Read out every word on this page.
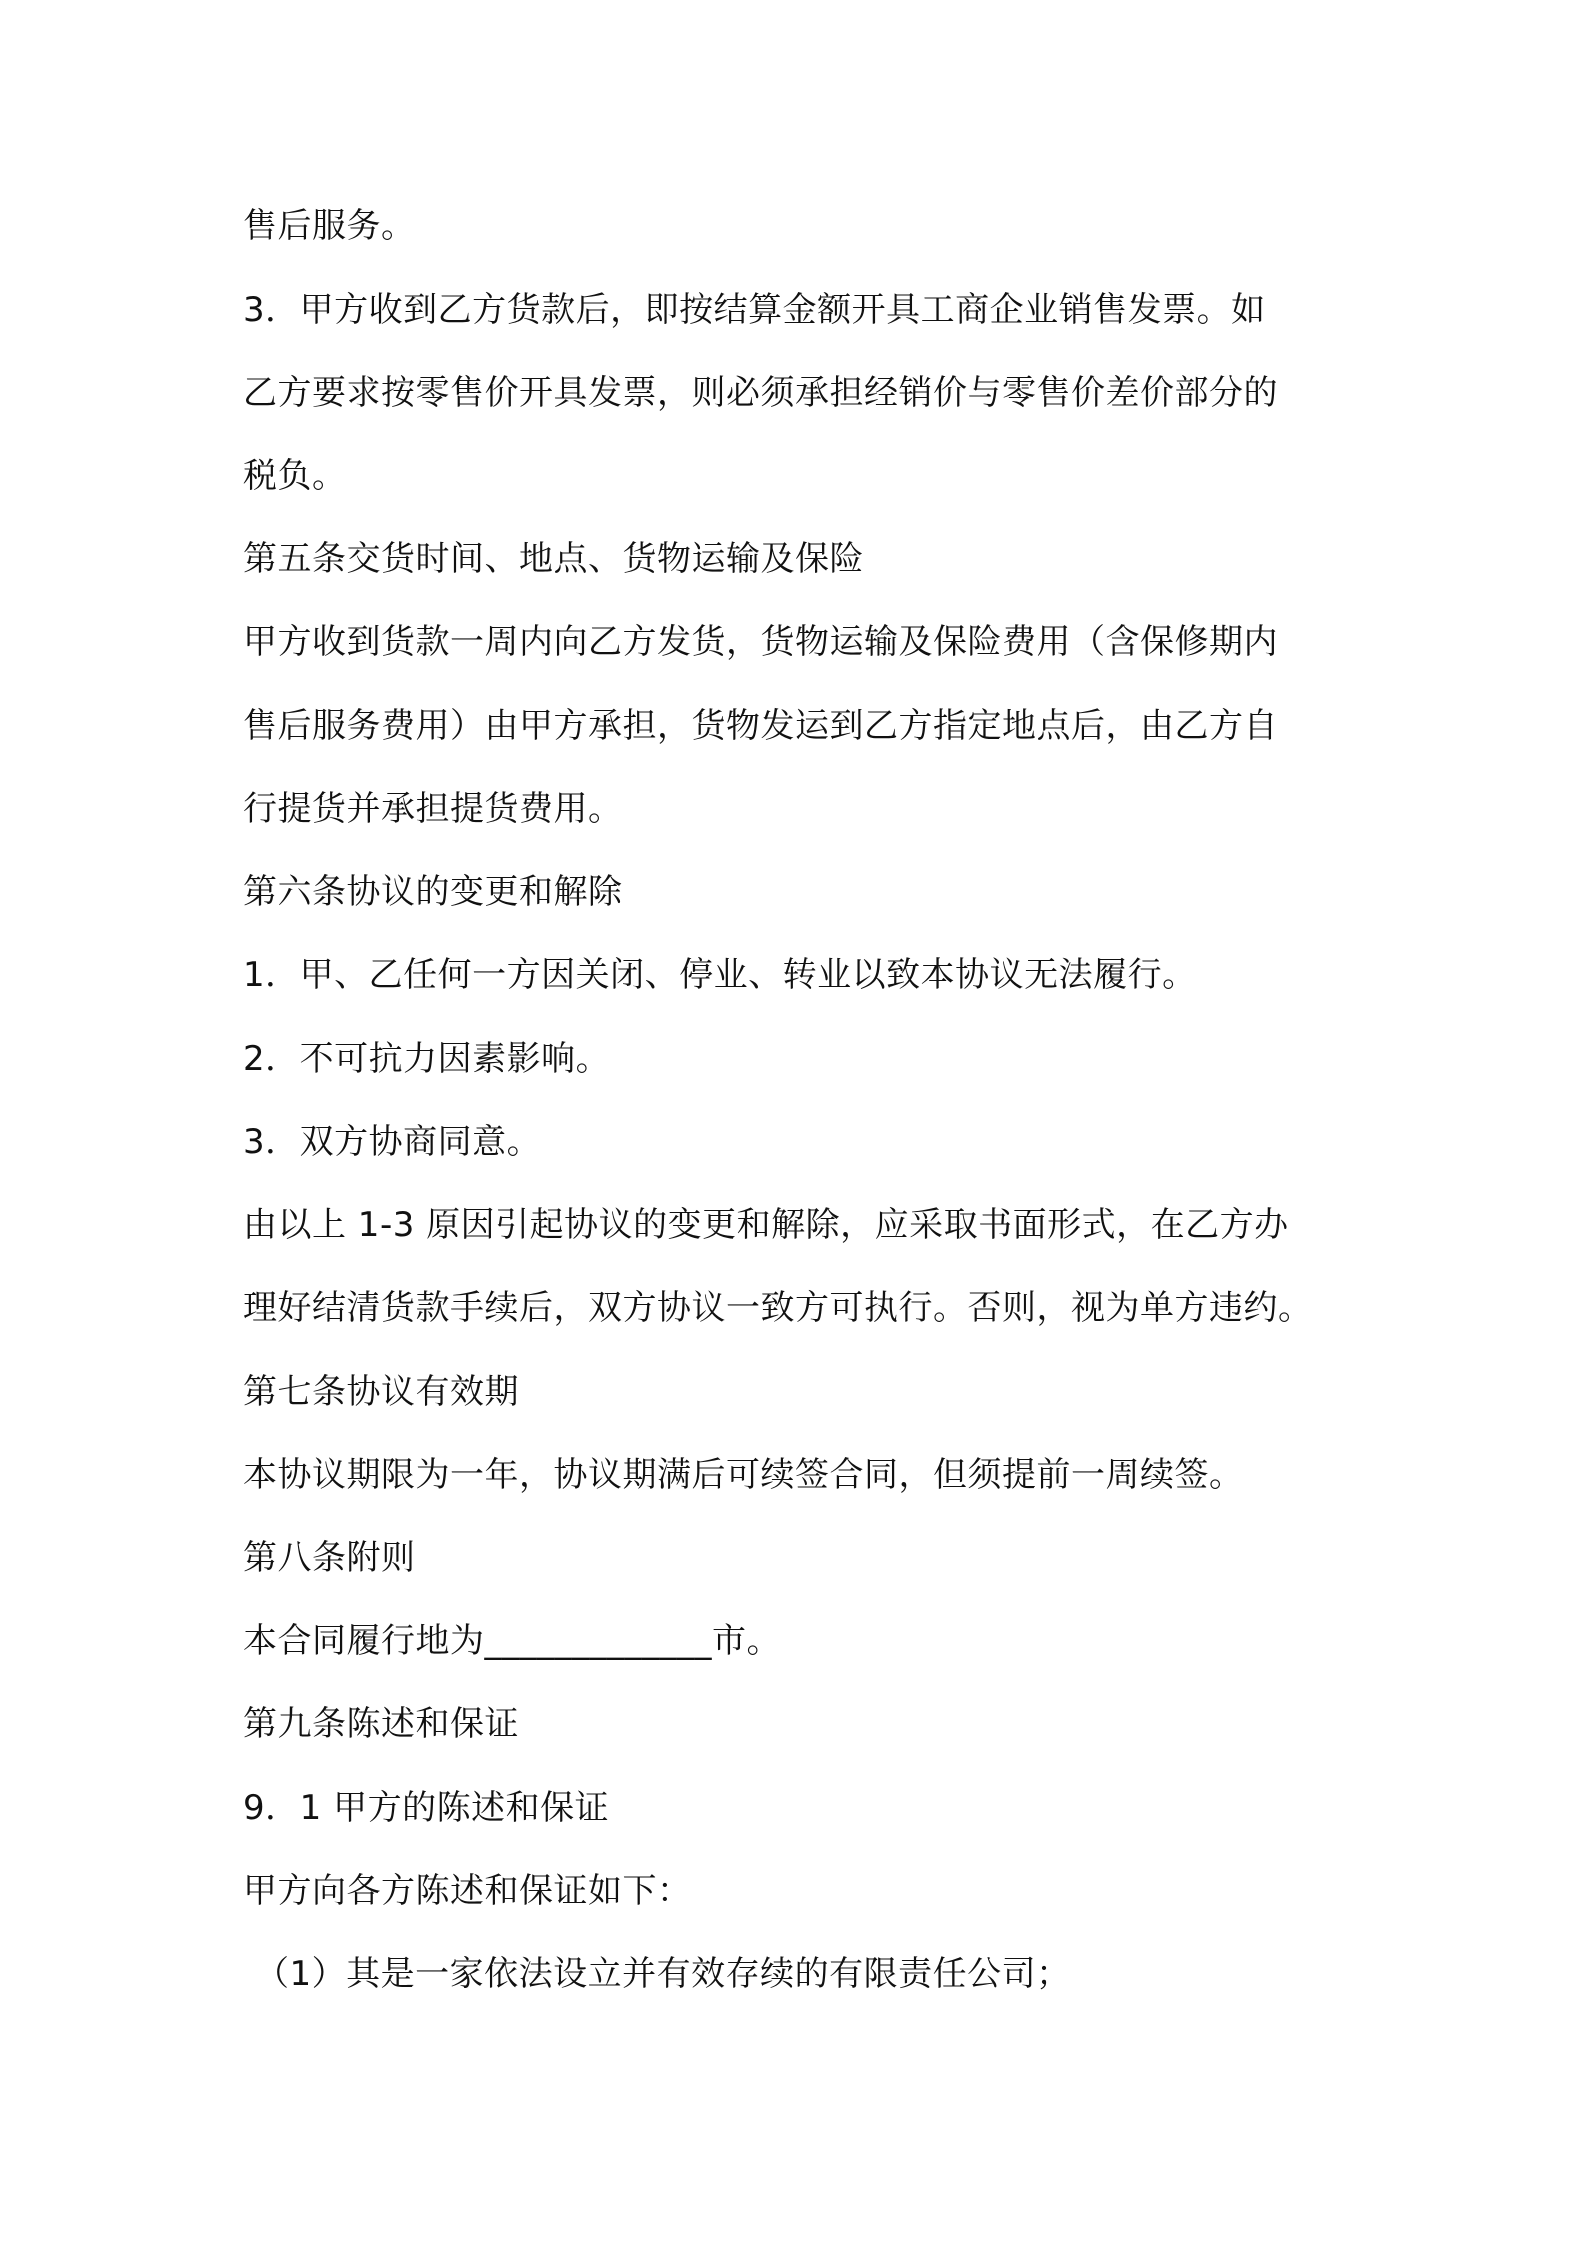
售后服务。
3．甲方收到乙方货款后，即按结算金额开具工商企业销售发票。如
乙方要求按零售价开具发票，则必须承担经销价与零售价差价部分的
税负。
第五条交货时间、地点、货物运输及保险
甲方收到货款一周内向乙方发货，货物运输及保险费用（含保修期内
售后服务费用）由甲方承担，货物发运到乙方指定地点后，由乙方自
行提货并承担提货费用。
第六条协议的变更和解除
1．甲、乙任何一方因关闭、停业、转业以致本协议无法履行。
2．不可抗力因素影响。
3．双方协商同意。
由以上 1-3 原因引起协议的变更和解除，应采取书面形式，在乙方办
理好结清货款手续后，双方协议一致方可执行。否则，视为单方违约。
第七条协议有效期
本协议期限为一年，协议期满后可续签合同，但须提前一周续签。
第八条附则
本合同履行地为_____________市。
第九条陈述和保证
9．1 甲方的陈述和保证
甲方向各方陈述和保证如下：
（1）其是一家依法设立并有效存续的有限责任公司；
